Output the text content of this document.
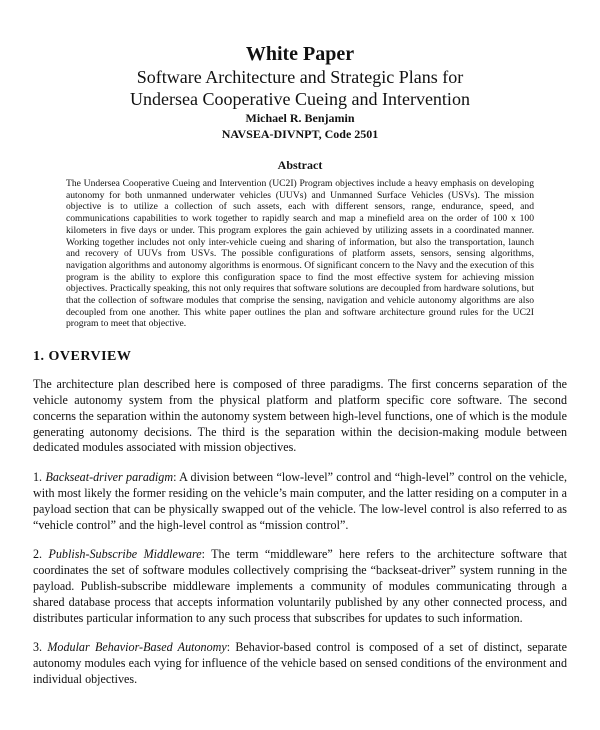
White Paper
Software Architecture and Strategic Plans for
Undersea Cooperative Cueing and Intervention
Michael R. Benjamin
NAVSEA-DIVNPT, Code 2501
Abstract
The Undersea Cooperative Cueing and Intervention (UC2I) Program objectives include a heavy emphasis on developing autonomy for both unmanned underwater vehicles (UUVs) and Unmanned Surface Vehicles (USVs). The mission objective is to utilize a collection of such assets, each with different sensors, range, endurance, speed, and communications capabilities to work together to rapidly search and map a minefield area on the order of 100 x 100 kilometers in five days or under. This program explores the gain achieved by utilizing assets in a coordinated manner. Working together includes not only inter-vehicle cueing and sharing of information, but also the transportation, launch and recovery of UUVs from USVs. The possible configurations of platform assets, sensors, sensing algorithms, navigation algorithms and autonomy algorithms is enormous. Of significant concern to the Navy and the execution of this program is the ability to explore this configuration space to find the most effective system for achieving mission objectives. Practically speaking, this not only requires that software solutions are decoupled from hardware solutions, but that the collection of software modules that comprise the sensing, navigation and vehicle autonomy algorithms are also decoupled from one another. This white paper outlines the plan and software architecture ground rules for the UC2I program to meet that objective.
1. OVERVIEW

The architecture plan described here is composed of three paradigms. The first concerns separation of the vehicle autonomy system from the physical platform and platform specific core software. The second concerns the separation within the autonomy system between high-level functions, one of which is the module generating autonomy decisions. The third is the separation within the decision-making module between dedicated modules associated with mission objectives.

1. Backseat-driver paradigm: A division between “low-level” control and “high-level” control on the vehicle, with most likely the former residing on the vehicle’s main computer, and the latter residing on a computer in a payload section that can be physically swapped out of the vehicle. The low-level control is also referred to as “vehicle control” and the high-level control as “mission control”.

2. Publish-Subscribe Middleware: The term “middleware” here refers to the architecture software that coordinates the set of software modules collectively comprising the “backseat-driver” system running in the payload. Publish-subscribe middleware implements a community of modules communicating through a shared database process that accepts information voluntarily published by any other connected process, and distributes particular information to any such process that subscribes for updates to such information.

3. Modular Behavior-Based Autonomy: Behavior-based control is composed of a set of distinct, separate autonomy modules each vying for influence of the vehicle based on sensed conditions of the environment and individual objectives.
